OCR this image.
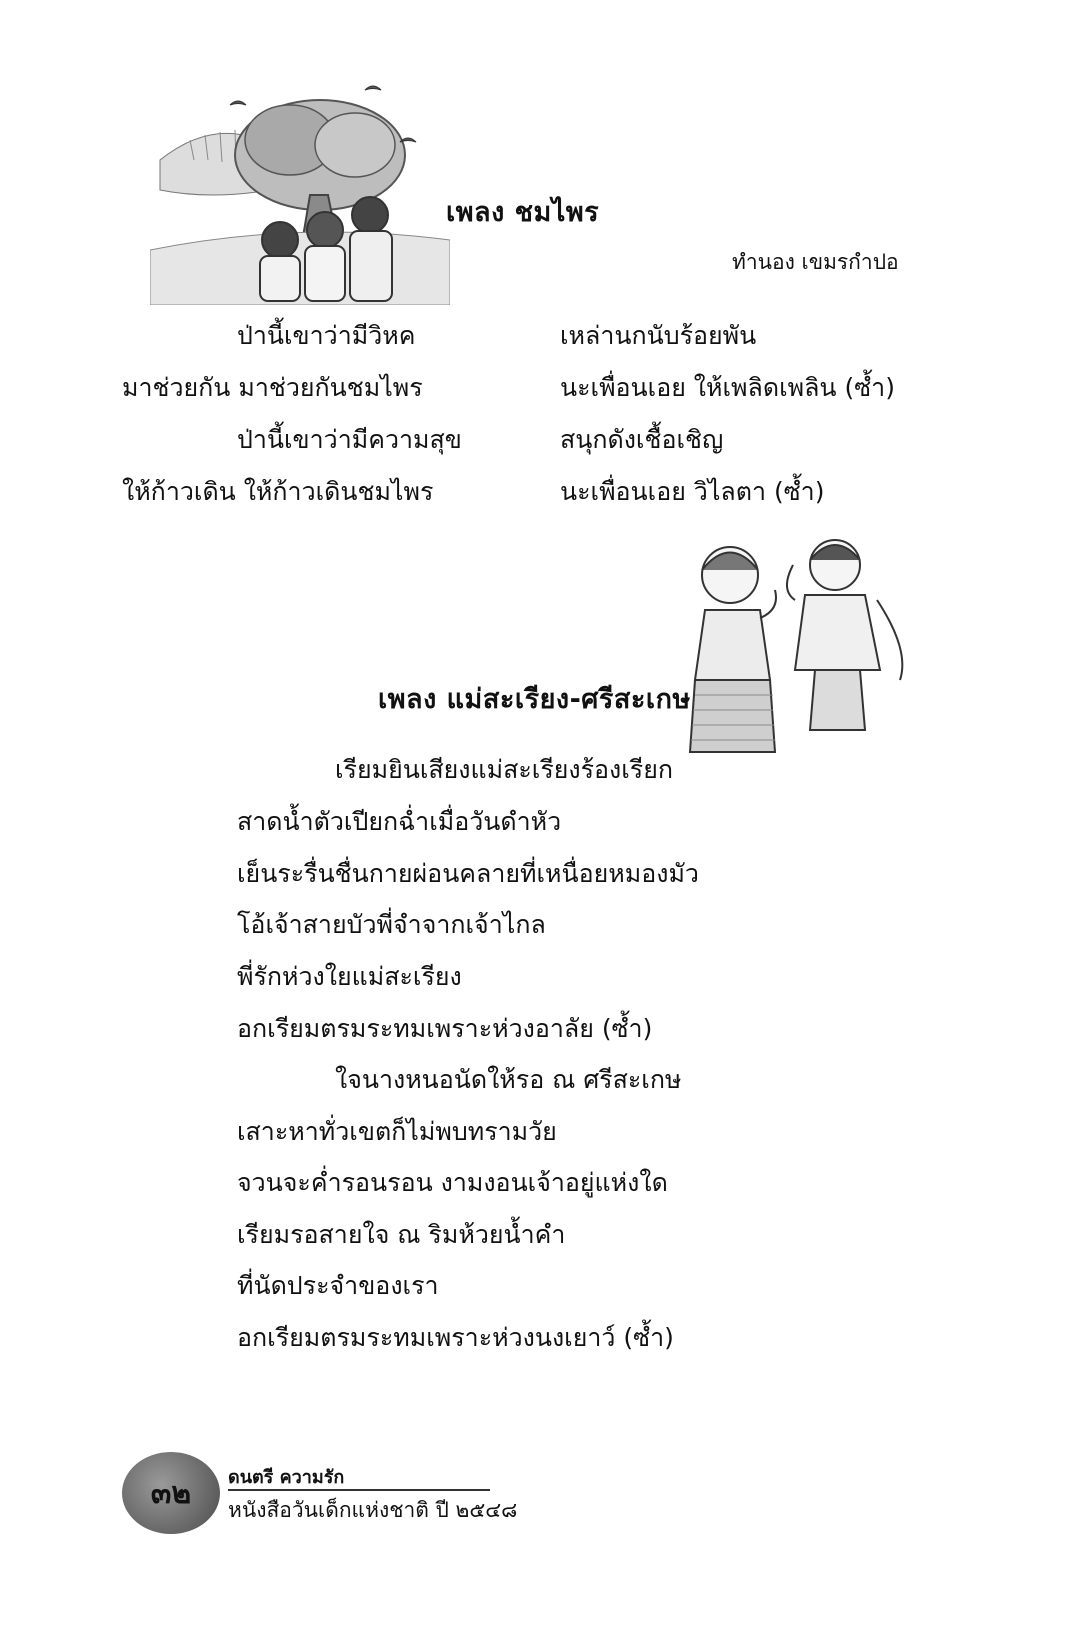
เพลง ชมไพร
ทำนอง เขมรกำปอ
ป่านี้เขาว่ามีวิหค	เหล่านกนับร้อยพัน
มาช่วยกัน มาช่วยกันชมไพร	นะเพื่อนเอย ให้เพลิดเพลิน (ซ้ำ)
ป่านี้เขาว่ามีความสุข	สนุกดังเชื้อเชิญ
ให้ก้าวเดิน ให้ก้าวเดินชมไพร	นะเพื่อนเอย วิไลตา (ซ้ำ)
เพลง แม่สะเรียง-ศรีสะเกษ
เรียมยินเสียงแม่สะเรียงร้องเรียก
สาดน้ำตัวเปียกฉ่ำเมื่อวันดำหัว
เย็นระรื่นชื่นกายผ่อนคลายที่เหนื่อยหมองมัว
โอ้เจ้าสายบัวพี่จำจากเจ้าไกล
พี่รักห่วงใยแม่สะเรียง
อกเรียมตรมระทมเพราะห่วงอาลัย (ซ้ำ)
ใจนางหนอนัดให้รอ ณ ศรีสะเกษ
เสาะหาทั่วเขตก็ไม่พบทรามวัย
จวนจะค่ำรอนรอน งามงอนเจ้าอยู่แห่งใด
เรียมรอสายใจ ณ ริมห้วยน้ำคำ
ที่นัดประจำของเรา
อกเรียมตรมระทมเพราะห่วงนงเยาว์ (ซ้ำ)
๓๒ ดนตรี ความรัก
หนังสือวันเด็กแห่งชาติ ปี ๒๕๔๘
